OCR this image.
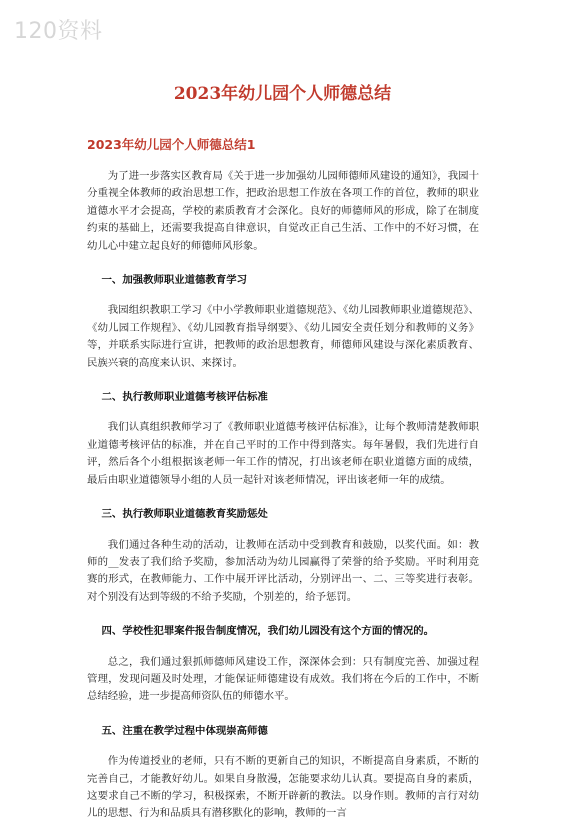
120资料
2023年幼儿园个人师德总结
2023年幼儿园个人师德总结1

为了进一步落实区教育局《关于进一步加强幼儿园师德师风建设的通知》，我园十分重视全体教师的政治思想工作，把政治思想工作放在各项工作的首位，教师的职业道德水平才会提高，学校的素质教育才会深化。良好的师德师风的形成，除了在制度约束的基础上，还需要我提高自律意识，自觉改正自己生活、工作中的不好习惯，在幼儿心中建立起良好的师德师风形象。

一、加强教师职业道德教育学习

我园组织教职工学习《中小学教师职业道德规范》、《幼儿园教师职业道德规范》、《幼儿园工作规程》、《幼儿园教育指导纲要》、《幼儿园安全责任划分和教师的义务》等，并联系实际进行宣讲，把教师的政治思想教育，师德师风建设与深化素质教育、民族兴衰的高度来认识、来探讨。

二、执行教师职业道德考核评估标准

我们认真组织教师学习了《教师职业道德考核评估标准》，让每个教师清楚教师职业道德考核评估的标准，并在自己平时的工作中得到落实。每年暑假，我们先进行自评，然后各个小组根据该老师一年工作的情况，打出该老师在职业道德方面的成绩，最后由职业道德领导小组的人员一起针对该老师情况，评出该老师一年的成绩。

三、执行教师职业道德教育奖励惩处

我们通过各种生动的活动，让教师在活动中受到教育和鼓励，以奖代面。如：教师的__发表了我们给予奖励，参加活动为幼儿园赢得了荣誉的给予奖励。平时利用竞赛的形式，在教师能力、工作中展开评比活动，分别评出一、二、三等奖进行表彰。对个别没有达到等级的不给予奖励，个别差的，给予惩罚。

四、学校性犯罪案件报告制度情况，我们幼儿园没有这个方面的情况的。

总之，我们通过狠抓师德师风建设工作，深深体会到：只有制度完善、加强过程管理，发现问题及时处理，才能保证师德建设有成效。我们将在今后的工作中，不断总结经验，进一步提高师资队伍的师德水平。

五、注重在教学过程中体现崇高师德

作为传道授业的老师，只有不断的更新自己的知识，不断提高自身素质，不断的完善自己，才能教好幼儿。如果自身散漫，怎能要求幼儿认真。要提高自身的素质，这要求自己不断的学习，积极探索，不断开辟新的教法。以身作则。教师的言行对幼儿的思想、行为和品质具有潜移默化的影响，教师的一言
